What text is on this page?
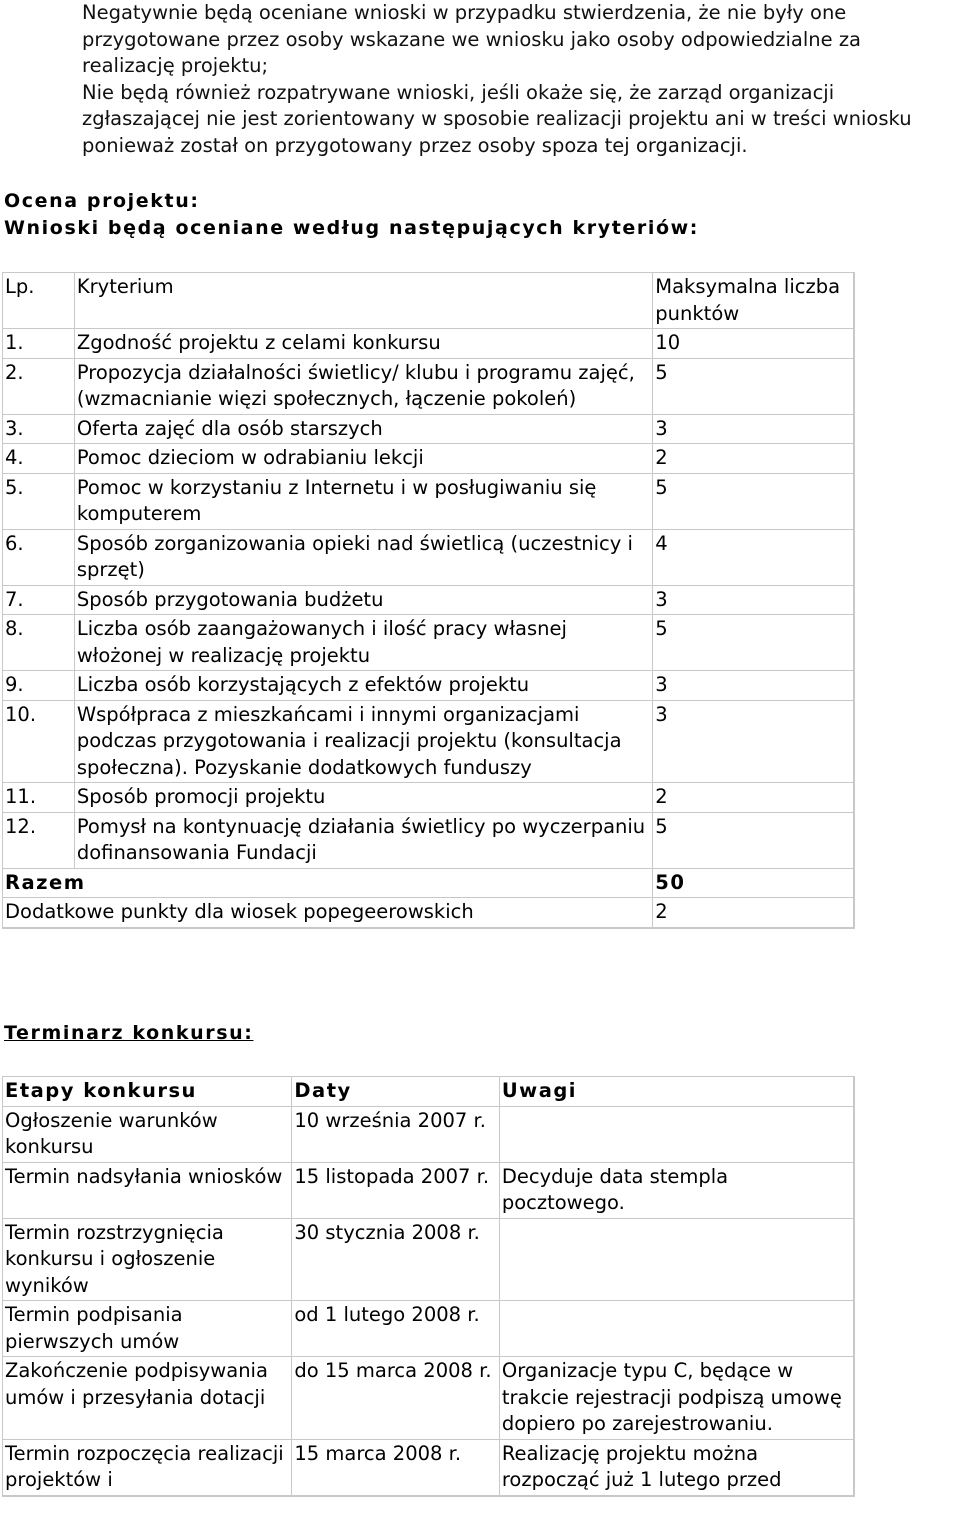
Negatywnie będą oceniane wnioski w przypadku stwierdzenia, że nie były one przygotowane przez osoby wskazane we wniosku jako osoby odpowiedzialne za realizację projektu;

Nie będą również rozpatrywane wnioski, jeśli okaże się, że zarząd organizacji zgłaszającej nie jest zorientowany w sposobie realizacji projektu ani w treści wniosku ponieważ został on przygotowany przez osoby spoza tej organizacji.

Ocena projektu:

Wnioski będą oceniane według następujących kryteriów:

Lp.	Kryterium	Maksymalna liczba punktów
1.	Zgodność projektu z celami konkursu	10
2.	Propozycja działalności świetlicy/ klubu i programu zajęć, (wzmacnianie więzi społecznych, łączenie pokoleń)	5
3.	Oferta zajęć dla osób starszych	3
4.	Pomoc dzieciom w odrabianiu lekcji	2
5.	Pomoc w korzystaniu z Internetu i w posługiwaniu się komputerem	5
6.	Sposób zorganizowania opieki nad świetlicą (uczestnicy i sprzęt)	4
7.	Sposób przygotowania budżetu	3
8.	Liczba osób zaangażowanych i ilość pracy własnej włożonej w realizację projektu	5
9.	Liczba osób korzystających z efektów projektu	3
10.	Współpraca z mieszkańcami i innymi organizacjami podczas przygotowania i realizacji projektu (konsultacja społeczna). Pozyskanie dodatkowych funduszy	3
11.	Sposób promocji projektu	2
12.	Pomysł na kontynuację działania świetlicy po wyczerpaniu dofinansowania Fundacji	5
Razem		50
Dodatkowe punkty dla wiosek popegeerowskich		2

Terminarz konkursu:

Etapy konkursu	Daty	Uwagi
Ogłoszenie warunków konkursu	10 września 2007 r.	
Termin nadsyłania wniosków	15 listopada 2007 r.	Decyduje data stempla pocztowego.
Termin rozstrzygnięcia konkursu i ogłoszenie wyników	30 stycznia 2008 r.	
Termin podpisania pierwszych umów	od 1 lutego 2008 r.	
Zakończenie podpisywania umów i przesyłania dotacji	do 15 marca 2008 r.	Organizacje typu C, będące w trakcie rejestracji podpiszą umowę dopiero po zarejestrowaniu.
Termin rozpoczęcia realizacji projektów i	15 marca 2008 r.	Realizację projektu można rozpocząć już 1 lutego przed
